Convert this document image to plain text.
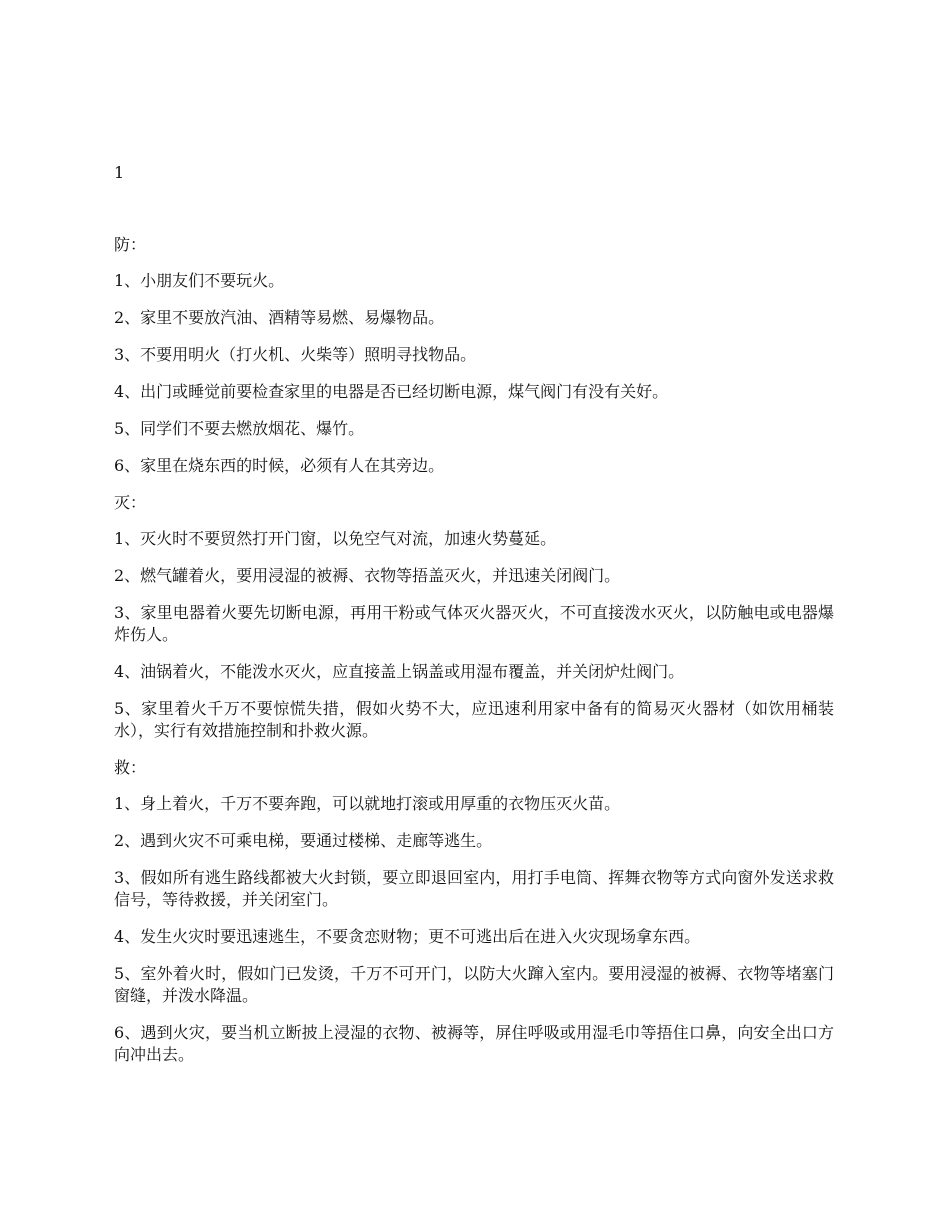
1
防：
1、小朋友们不要玩火。
2、家里不要放汽油、酒精等易燃、易爆物品。
3、不要用明火（打火机、火柴等）照明寻找物品。
4、出门或睡觉前要检查家里的电器是否已经切断电源，煤气阀门有没有关好。
5、同学们不要去燃放烟花、爆竹。
6、家里在烧东西的时候，必须有人在其旁边。
灭：
1、灭火时不要贸然打开门窗，以免空气对流，加速火势蔓延。
2、燃气罐着火，要用浸湿的被褥、衣物等捂盖灭火，并迅速关闭阀门。
3、家里电器着火要先切断电源，再用干粉或气体灭火器灭火，不可直接泼水灭火，以防触电或电器爆炸伤人。
4、油锅着火，不能泼水灭火，应直接盖上锅盖或用湿布覆盖，并关闭炉灶阀门。
5、家里着火千万不要惊慌失措，假如火势不大，应迅速利用家中备有的简易灭火器材（如饮用桶装水），实行有效措施控制和扑救火源。
救：
1、身上着火，千万不要奔跑，可以就地打滚或用厚重的衣物压灭火苗。
2、遇到火灾不可乘电梯，要通过楼梯、走廊等逃生。
3、假如所有逃生路线都被大火封锁，要立即退回室内，用打手电筒、挥舞衣物等方式向窗外发送求救信号，等待救援，并关闭室门。
4、发生火灾时要迅速逃生，不要贪恋财物；更不可逃出后在进入火灾现场拿东西。
5、室外着火时，假如门已发烫，千万不可开门，以防大火蹿入室内。要用浸湿的被褥、衣物等堵塞门窗缝，并泼水降温。
6、遇到火灾，要当机立断披上浸湿的衣物、被褥等，屏住呼吸或用湿毛巾等捂住口鼻，向安全出口方向冲出去。
